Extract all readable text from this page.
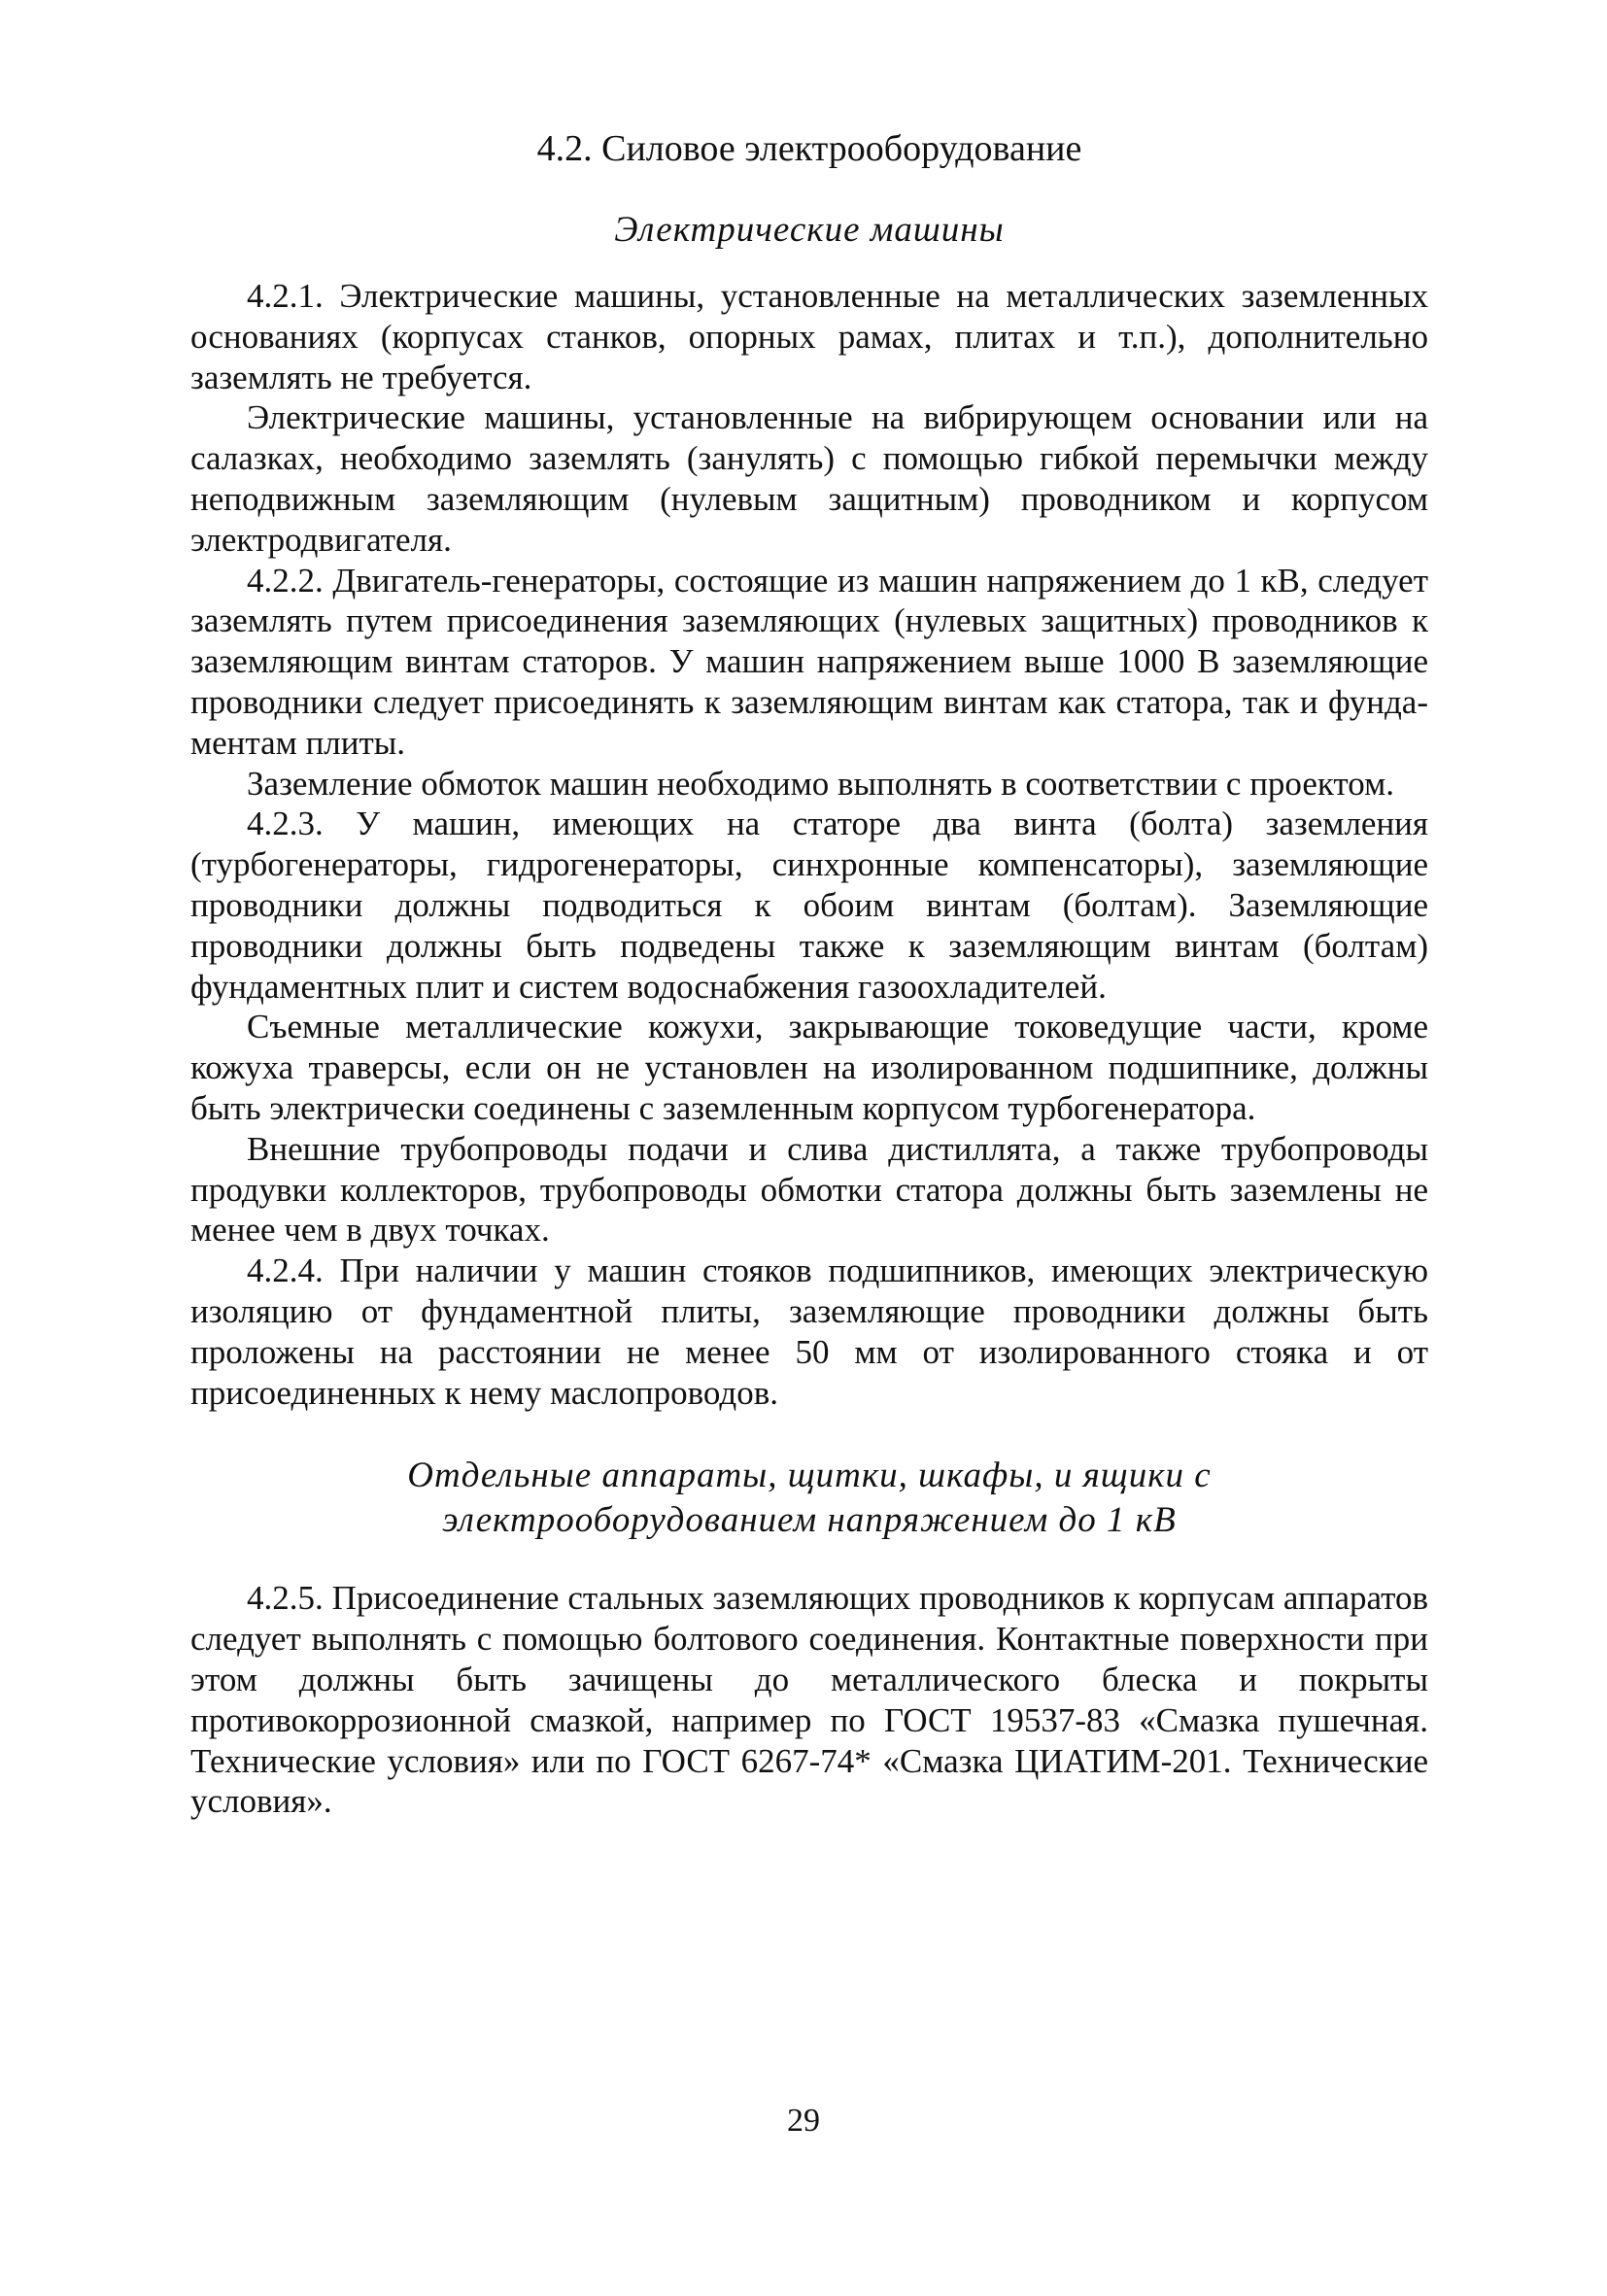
4.2. Силовое электрооборудование
Электрические машины

4.2.1. Электрические машины, установленные на металлических заземленных основаниях (корпусах станков, опорных рамах, плитах и т.п.), дополнительно заземлять не требуется.

Электрические машины, установленные на вибрирующем основании или на салазках, необходимо заземлять (занулять) с помощью гибкой перемычки между неподвижным заземляющим (нулевым защитным) проводником и корпусом электродвигателя.

4.2.2. Двигатель-генераторы, состоящие из машин напряжением до 1 кВ, следует заземлять путем присоединения заземляющих (нулевых защитных) проводников к заземляющим винтам статоров. У машин напряжением выше 1000 В заземляющие проводники следует присоединять к заземляющим винтам как статора, так и фундаментам плиты.

Заземление обмоток машин необходимо выполнять в соответствии с проектом.

4.2.3. У машин, имеющих на статоре два винта (болта) заземления (турбогенераторы, гидрогенераторы, синхронные компенсаторы), заземляющие проводники должны подводиться к обоим винтам (болтам). Заземляющие проводники должны быть подведены также к заземляющим винтам (болтам) фундаментных плит и систем водоснабжения газоохладителей.

Съемные металлические кожухи, закрывающие токоведущие части, кроме кожуха траверсы, если он не установлен на изолированном подшипнике, должны быть электрически соединены с заземленным корпусом турбогенератора.

Внешние трубопроводы подачи и слива дистиллята, а также трубопроводы продувки коллекторов, трубопроводы обмотки статора должны быть заземлены не менее чем в двух точках.

4.2.4. При наличии у машин стояков подшипников, имеющих электрическую изоляцию от фундаментной плиты, заземляющие проводники должны быть проложены на расстоянии не менее 50 мм от изолированного стояка и от присоединенных к нему маслопроводов.

Отдельные аппараты, щитки, шкафы, и ящики с
электрооборудованием напряжением до 1 кВ

4.2.5. Присоединение стальных заземляющих проводников к корпусам аппаратов следует выполнять с помощью болтового соединения. Контактные поверхности при этом должны быть зачищены до металлического блеска и покрыты противокоррозионной смазкой, например по ГОСТ 19537-83 «Смазка пушечная. Технические условия» или по ГОСТ 6267-74* «Смазка ЦИАТИМ-201. Технические условия».

29
